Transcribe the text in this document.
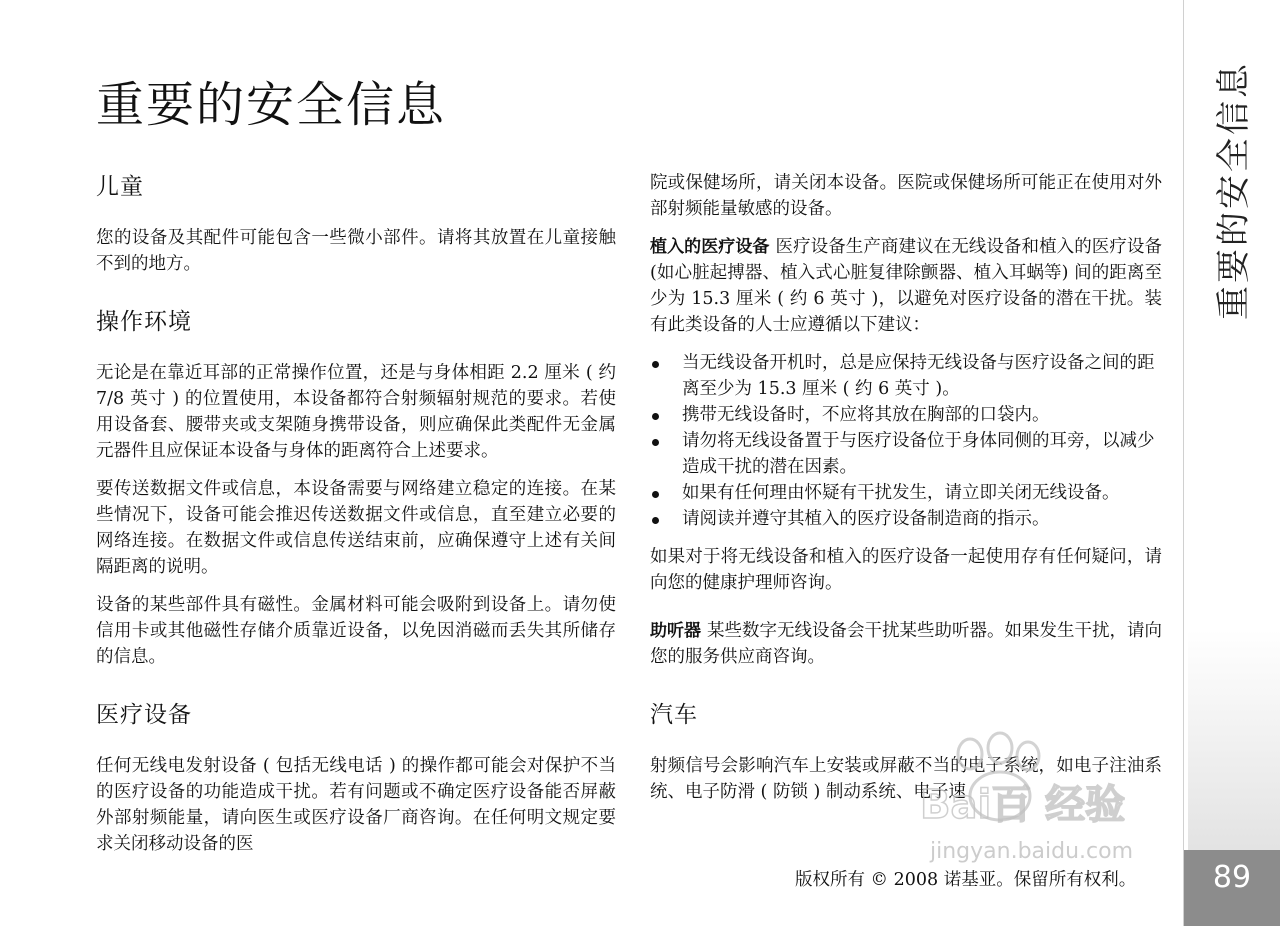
重要的安全信息
儿童

您的设备及其配件可能包含一些微小部件。请将其放置在儿童接触不到的地方。

操作环境

无论是在靠近耳部的正常操作位置，还是与身体相距 2.2 厘米 ( 约 7/8 英寸 ) 的位置使用，本设备都符合射频辐射规范的要求。若使用设备套、腰带夹或支架随身携带设备，则应确保此类配件无金属元器件且应保证本设备与身体的距离符合上述要求。

要传送数据文件或信息，本设备需要与网络建立稳定的连接。在某些情况下，设备可能会推迟传送数据文件或信息，直至建立必要的网络连接。在数据文件或信息传送结束前，应确保遵守上述有关间隔距离的说明。

设备的某些部件具有磁性。金属材料可能会吸附到设备上。请勿使信用卡或其他磁性存储介质靠近设备，以免因消磁而丢失其所储存的信息。

医疗设备

任何无线电发射设备 ( 包括无线电话 ) 的操作都可能会对保护不当的医疗设备的功能造成干扰。若有问题或不确定医疗设备能否屏蔽外部射频能量，请向医生或医疗设备厂商咨询。在任何明文规定要求关闭移动设备的医

院或保健场所，请关闭本设备。医院或保健场所可能正在使用对外部射频能量敏感的设备。

植入的医疗设备 医疗设备生产商建议在无线设备和植入的医疗设备 (如心脏起搏器、植入式心脏复律除颤器、植入耳蜗等) 间的距离至少为 15.3 厘米 ( 约 6 英寸 )，以避免对医疗设备的潜在干扰。装有此类设备的人士应遵循以下建议：

当无线设备开机时，总是应保持无线设备与医疗设备之间的距离至少为 15.3 厘米 ( 约 6 英寸 )。
携带无线设备时，不应将其放在胸部的口袋内。
请勿将无线设备置于与医疗设备位于身体同侧的耳旁，以减少造成干扰的潜在因素。
如果有任何理由怀疑有干扰发生，请立即关闭无线设备。
请阅读并遵守其植入的医疗设备制造商的指示。

如果对于将无线设备和植入的医疗设备一起使用存有任何疑问，请向您的健康护理师咨询。

助听器 某些数字无线设备会干扰某些助听器。如果发生干扰，请向您的服务供应商咨询。

汽车

射频信号会影响汽车上安装或屏蔽不当的电子系统，如电子注油系统、电子防滑 ( 防锁 ) 制动系统、电子速

重要的安全信息
89
版权所有 © 2008 诺基亚。保留所有权利。
Bai百 经验
jingyan.baidu.com
